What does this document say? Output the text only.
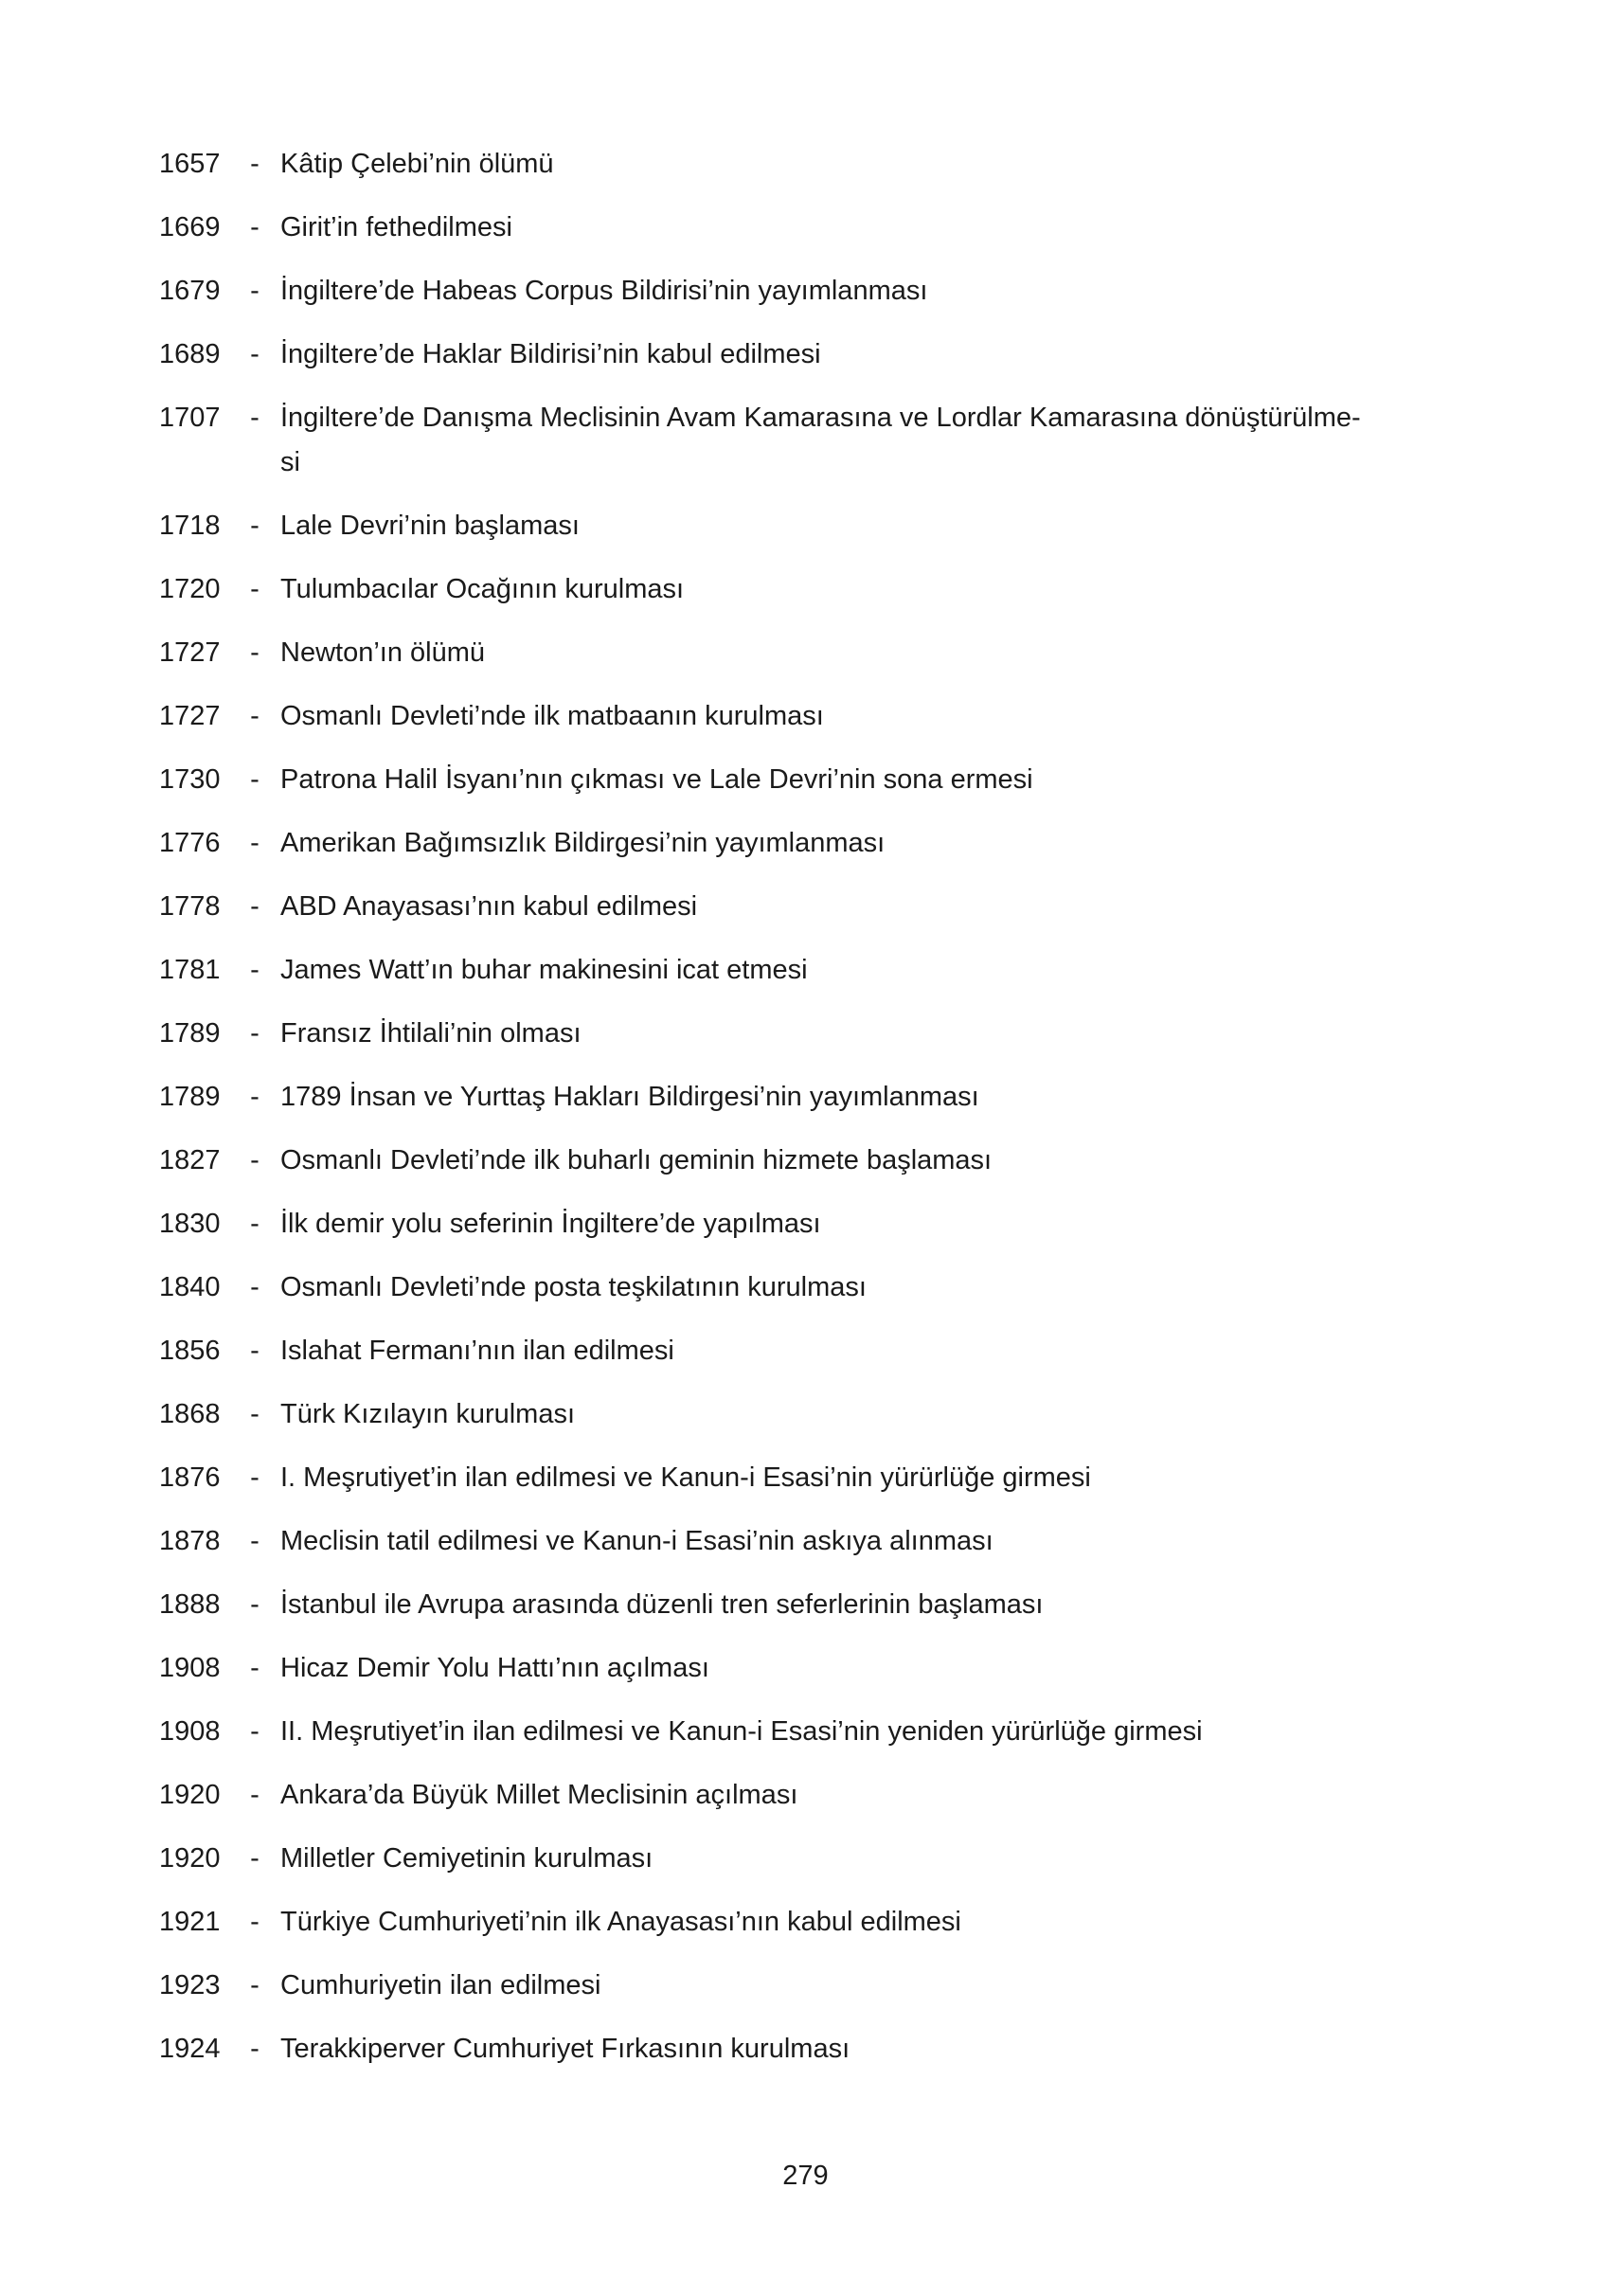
1657	- Kâtip Çelebi’nin ölümü
1669	- Girit’in fethedilmesi
1679	- İngiltere’de Habeas Corpus Bildirisi’nin yayımlanması
1689	- İngiltere’de Haklar Bildirisi’nin kabul edilmesi
1707	- İngiltere’de Danışma Meclisinin Avam Kamarasına ve Lordlar Kamarasına dönüştürülme-
si
1718	- Lale Devri’nin başlaması
1720	- Tulumbacılar Ocağının kurulması
1727	- Newton’ın ölümü
1727	- Osmanlı Devleti’nde ilk matbaanın kurulması
1730	- Patrona Halil İsyanı’nın çıkması ve Lale Devri’nin sona ermesi
1776	- Amerikan Bağımsızlık Bildirgesi’nin yayımlanması
1778	- ABD Anayasası’nın kabul edilmesi
1781	- James Watt’ın buhar makinesini icat etmesi
1789	- Fransız İhtilali’nin olması
1789	- 1789 İnsan ve Yurttaş Hakları Bildirgesi’nin yayımlanması
1827	- Osmanlı Devleti’nde ilk buharlı geminin hizmete başlaması
1830	- İlk demir yolu seferinin İngiltere’de yapılması
1840	- Osmanlı Devleti’nde posta teşkilatının kurulması
1856	- Islahat Fermanı’nın ilan edilmesi
1868	- Türk Kızılayın kurulması
1876	- I. Meşrutiyet’in ilan edilmesi ve Kanun-i Esasi’nin yürürlüğe girmesi
1878	- Meclisin tatil edilmesi ve Kanun-i Esasi’nin askıya alınması
1888	- İstanbul ile Avrupa arasında düzenli tren seferlerinin başlaması
1908	- Hicaz Demir Yolu Hattı’nın açılması
1908	- II. Meşrutiyet’in ilan edilmesi ve Kanun-i Esasi’nin yeniden yürürlüğe girmesi
1920	- Ankara’da Büyük Millet Meclisinin açılması
1920	- Milletler Cemiyetinin kurulması
1921	- Türkiye Cumhuriyeti’nin ilk Anayasası’nın kabul edilmesi
1923	- Cumhuriyetin ilan edilmesi
1924	- Terakkiperver Cumhuriyet Fırkasının kurulması
279
